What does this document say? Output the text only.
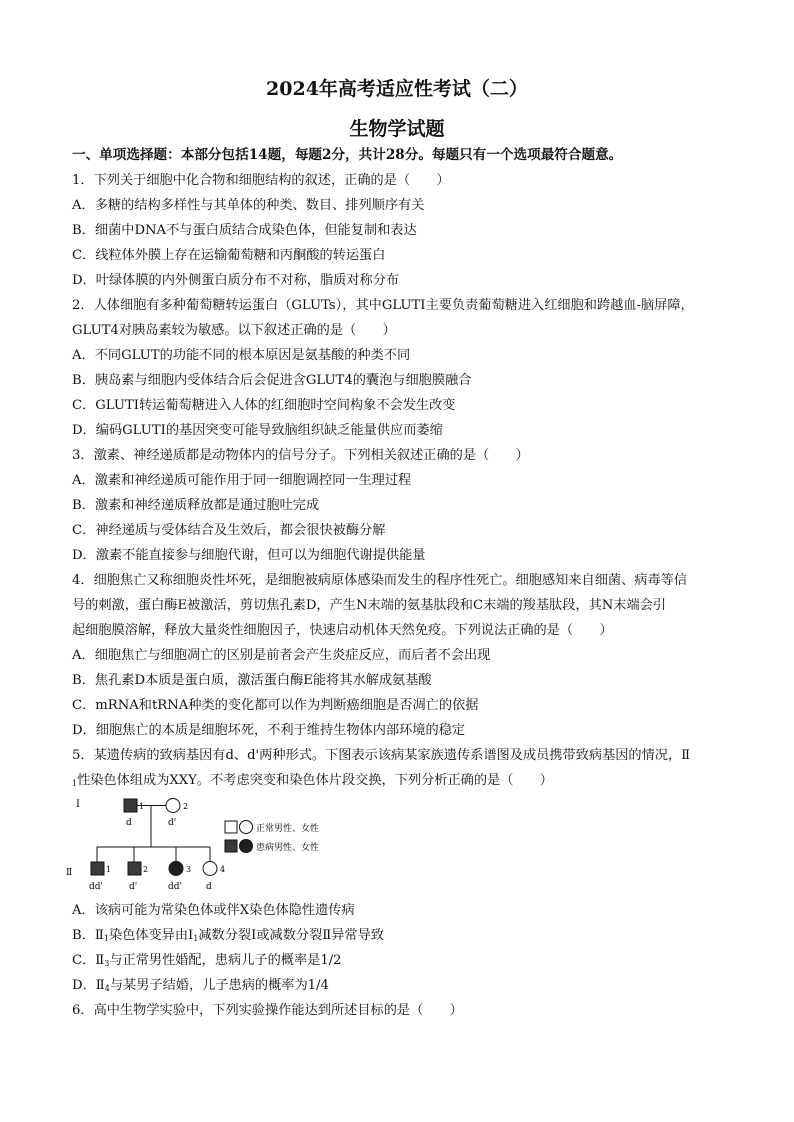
2024年高考适应性考试（二）
生物学试题
一、单项选择题：本部分包括14题，每题2分，共计28分。每题只有一个选项最符合题意。
1．下列关于细胞中化合物和细胞结构的叙述，正确的是（　　）
A．多糖的结构多样性与其单体的种类、数目、排列顺序有关
B．细菌中DNA不与蛋白质结合成染色体，但能复制和表达
C．线粒体外膜上存在运输葡萄糖和丙酮酸的转运蛋白
D．叶绿体膜的内外侧蛋白质分布不对称，脂质对称分布
2．人体细胞有多种葡萄糖转运蛋白（GLUTs），其中GLUTI主要负责葡萄糖进入红细胞和跨越血-脑屏障，
GLUT4对胰岛素较为敏感。以下叙述正确的是（　　）
A．不同GLUT的功能不同的根本原因是氨基酸的种类不同
B．胰岛素与细胞内受体结合后会促进含GLUT4的囊泡与细胞膜融合
C．GLUTI转运葡萄糖进入人体的红细胞时空间构象不会发生改变
D．编码GLUTI的基因突变可能导致脑组织缺乏能量供应而萎缩
3．激素、神经递质都是动物体内的信号分子。下列相关叙述正确的是（　　）
A．激素和神经递质可能作用于同一细胞调控同一生理过程
B．激素和神经递质释放都是通过胞吐完成
C．神经递质与受体结合及生效后，都会很快被酶分解
D．激素不能直接参与细胞代谢，但可以为细胞代谢提供能量
4．细胞焦亡又称细胞炎性坏死，是细胞被病原体感染而发生的程序性死亡。细胞感知来自细菌、病毒等信
号的刺激，蛋白酶E被激活，剪切焦孔素D，产生N末端的氨基肽段和C末端的羧基肽段，其N末端会引
起细胞膜溶解，释放大量炎性细胞因子，快速启动机体天然免疫。下列说法正确的是（　　）
A．细胞焦亡与细胞凋亡的区别是前者会产生炎症反应，而后者不会出现
B．焦孔素D本质是蛋白质，激活蛋白酶E能将其水解成氨基酸
C．mRNA和tRNA种类的变化都可以作为判断癌细胞是否凋亡的依据
D．细胞焦亡的本质是细胞坏死，不利于维持生物体内部环境的稳定
5．某遗传病的致病基因有d、d'两种形式。下图表示该病某家族遗传系谱图及成员携带致病基因的情况，Ⅱ
$_1$性染色体组成为XXY。不考虑突变和染色体片段交换，下列分析正确的是（　　）
I
Ⅱ
1	2
d	d'
1	2	3	4
dd'	d'	dd'	d
正常男性、女性
患病男性、女性
A．该病可能为常染色体或伴X染色体隐性遗传病
B．$Ⅱ_1$染色体变异由$Ⅰ_1$减数分裂Ⅰ或减数分裂Ⅱ异常导致
C．$Ⅱ_3$与正常男性婚配，患病儿子的概率是1/2
D．$Ⅱ_4$与某男子结婚，儿子患病的概率为1/4
6．高中生物学实验中，下列实验操作能达到所述目标的是（　　）
